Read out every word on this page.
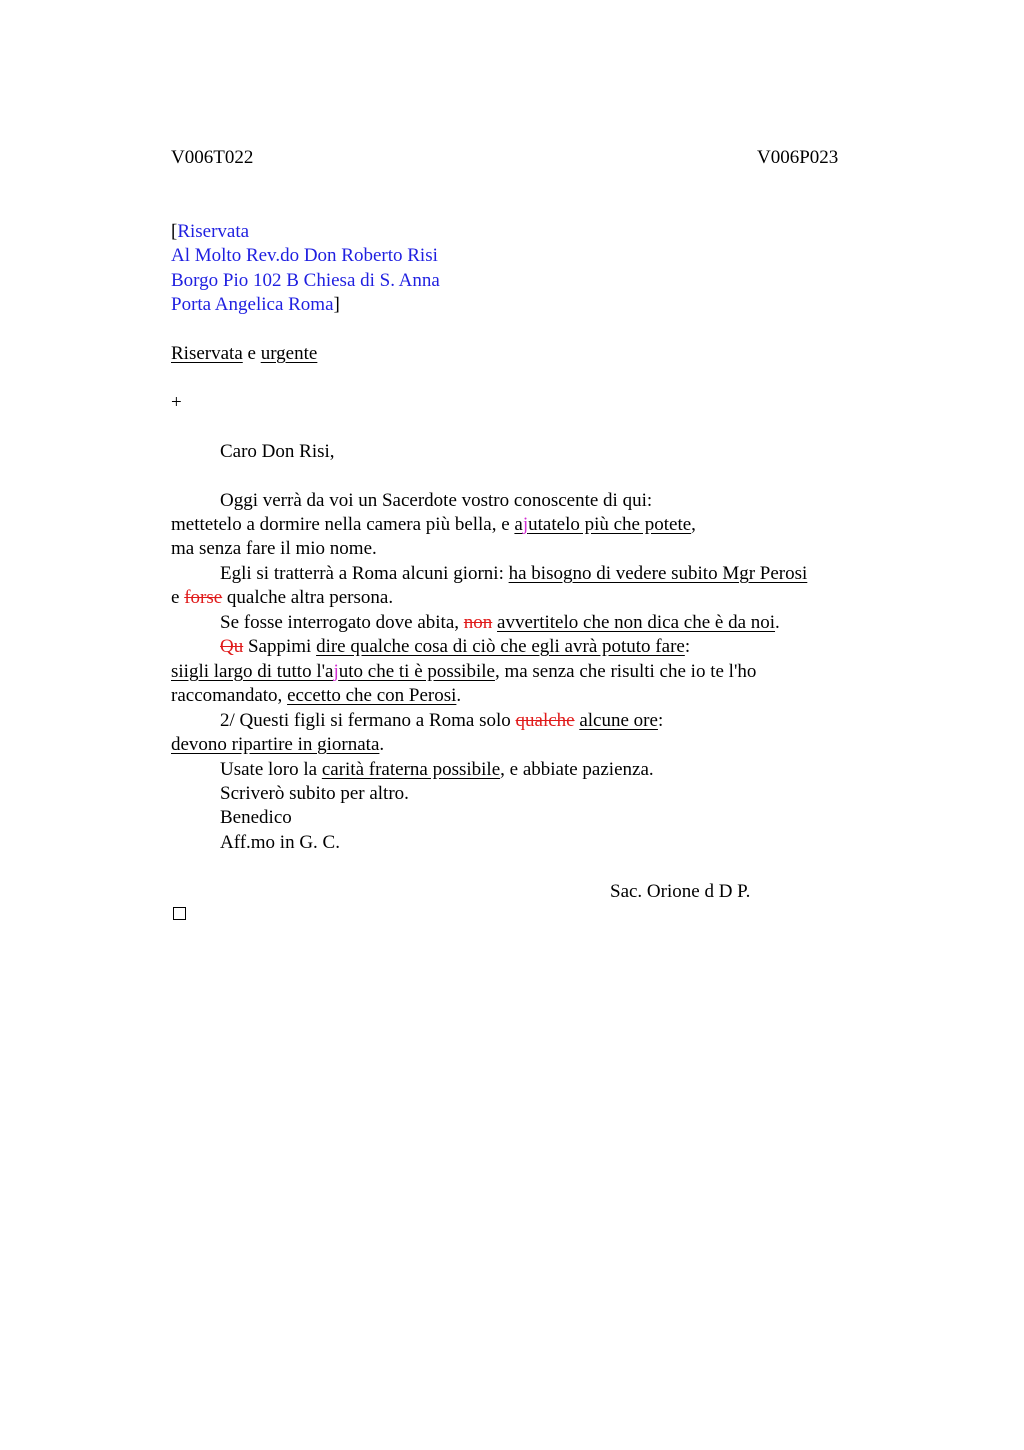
V006T022	V006P023
[Riservata
Al Molto Rev.do Don Roberto Risi
Borgo Pio 102 B Chiesa di S. Anna
Porta Angelica Roma]
Riservata e urgente
+
Caro Don Risi,
Oggi verrà da voi un Sacerdote vostro conoscente di qui:
mettetelo a dormire nella camera più bella, e ajutatelo più che potete,
ma senza fare il mio nome.
Egli si tratterrà a Roma alcuni giorni: ha bisogno di vedere subito Mgr Perosi
e forse qualche altra persona.
Se fosse interrogato dove abita, non avvertitelo che non dica che è da noi.
Qu Sappimi dire qualche cosa di ciò che egli avrà potuto fare:
siigli largo di tutto l'ajuto che ti è possibile, ma senza che risulti che io te l'ho
raccomandato, eccetto che con Perosi.
2/ Questi figli si fermano a Roma solo qualche alcune ore:
devono ripartire in giornata.
Usate loro la carità fraterna possibile, e abbiate pazienza.
Scriverò subito per altro.
Benedico
Aff.mo in G. C.
Sac. Orione d D P.
